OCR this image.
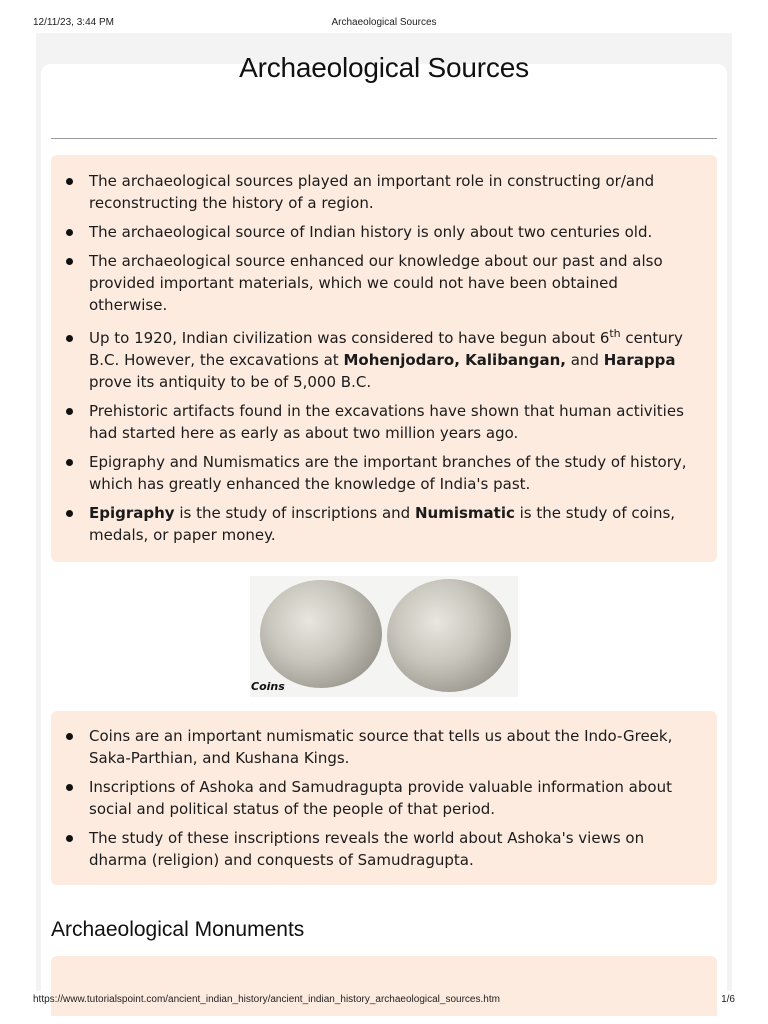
12/11/23, 3:44 PM	Archaeological Sources
Archaeological Sources
The archaeological sources played an important role in constructing or/and reconstructing the history of a region.
The archaeological source of Indian history is only about two centuries old.
The archaeological source enhanced our knowledge about our past and also provided important materials, which we could not have been obtained otherwise.
Up to 1920, Indian civilization was considered to have begun about 6th century B.C. However, the excavations at Mohenjodaro, Kalibangan, and Harappa prove its antiquity to be of 5,000 B.C.
Prehistoric artifacts found in the excavations have shown that human activities had started here as early as about two million years ago.
Epigraphy and Numismatics are the important branches of the study of history, which has greatly enhanced the knowledge of India's past.
Epigraphy is the study of inscriptions and Numismatic is the study of coins, medals, or paper money.
Coins
Coins are an important numismatic source that tells us about the Indo-Greek, Saka-Parthian, and Kushana Kings.
Inscriptions of Ashoka and Samudragupta provide valuable information about social and political status of the people of that period.
The study of these inscriptions reveals the world about Ashoka's views on dharma (religion) and conquests of Samudragupta.
Archaeological Monuments
https://www.tutorialspoint.com/ancient_indian_history/ancient_indian_history_archaeological_sources.htm	1/6
